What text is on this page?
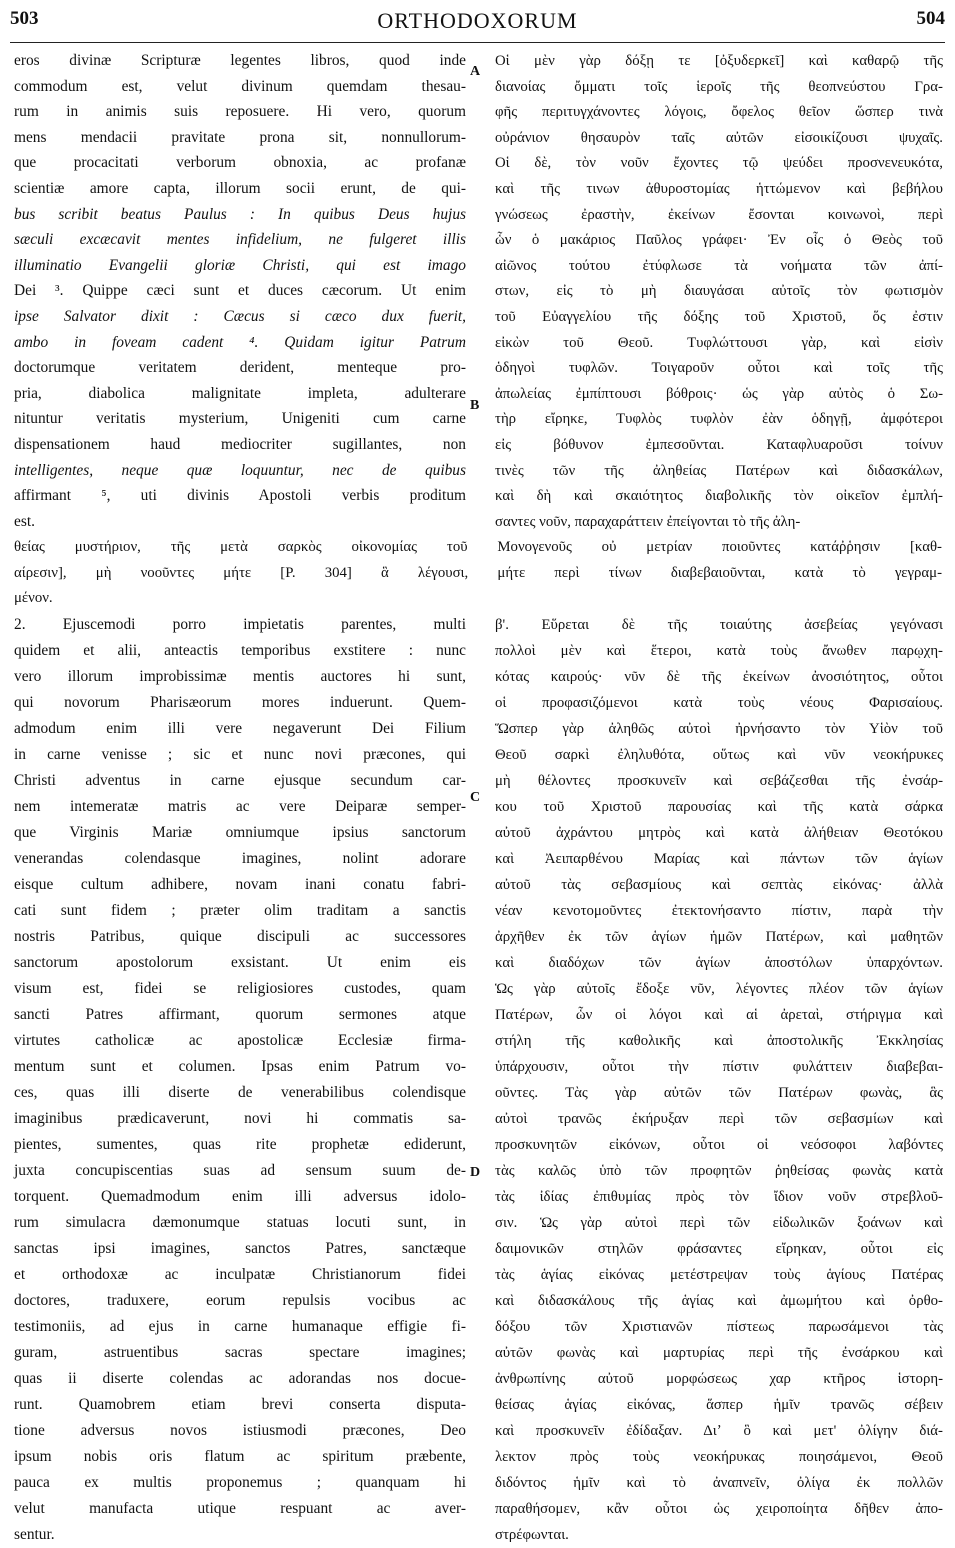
503	ORTHODOXORUM	504
eros divinæ Scripturæ legentes libros, quod inde
commodum est, velut divinum quemdam thesau-
rum in animis suis reposuere. Hi vero, quorum
mens mendacii pravitate prona sit, nonnullorum-
que procacitati verborum obnoxia, ac profanæ
scientiæ amore capta, illorum socii erunt, de qui-
bus scribit beatus Paulus : In quibus Deus hujus
sæculi excæcavit mentes infidelium, ne fulgeret illis
illuminatio Evangelii gloriæ Christi, qui est imago
Dei ³. Quippe cæci sunt et duces cæcorum. Ut enim
ipse Salvator dixit : Cæcus si cæco dux fuerit,
ambo in foveam cadent ⁴. Quidam igitur Patrum
doctorumque veritatem derident, menteque pro-
pria, diabolica malignitate impleta, adulterare
nituntur veritatis mysterium, Unigeniti cum carne
dispensationem haud mediocriter sugillantes, non
intelligentes, neque quæ loquuntur, nec de quibus
affirmant ⁵, uti divinis Apostoli verbis proditum
est.
Οἱ μὲν γὰρ δόξῃ τε [ὀξυδερκεῖ] καὶ καθαρῷ τῆς
διανοίας ὄμματι τοῖς ἱεροῖς τῆς θεοπνεύστου Γρα-
φῆς περιτυγχάνοντες λόγοις, ὄφελος θεῖον ὥσπερ τινὰ
οὐράνιον θησαυρὸν ταῖς αὐτῶν εἰσοικίζουσι ψυχαῖς.
Οἱ δὲ, τὸν νοῦν ἔχοντες τῷ ψεύδει προσνενευκότα,
καὶ τῆς τινων ἀθυροστομίας ἡττώμενον καὶ βεβήλου
γνώσεως ἐραστὴν, ἐκείνων ἔσονται κοινωνοὶ, περὶ
ὧν ὁ μακάριος Παῦλος γράφει· Ἐν οἷς ὁ Θεὸς τοῦ
αἰῶνος τούτου ἐτύφλωσε τὰ νοήματα τῶν ἀπί-
στων, εἰς τὸ μὴ διαυγάσαι αὐτοῖς τὸν φωτισμὸν
τοῦ Εὐαγγελίου τῆς δόξης τοῦ Χριστοῦ, ὅς ἐστιν
εἰκὼν τοῦ Θεοῦ. Τυφλώττουσι γὰρ, καὶ εἰσὶν
ὁδηγοὶ τυφλῶν. Τοιγαροῦν οὗτοι καὶ τοῖς τῆς
ἀπωλείας ἐμπίπτουσι βόθροις· ὡς γὰρ αὐτὸς ὁ Σω-
τὴρ εἴρηκε, Τυφλὸς τυφλὸν ἐὰν ὁδηγῇ, ἀμφότεροι
εἰς βόθυνον ἐμπεσοῦνται. Καταφλυαροῦσι τοίνυν
τινὲς τῶν τῆς ἀληθείας Πατέρων καὶ διδασκάλων,
καὶ δὴ καὶ σκαιότητος διαβολικῆς τὸν οἰκεῖον ἐμπλή-
σαντες νοῦν, παραχαράττειν ἐπείγονται τὸ τῆς ἀλη-
θείας μυστήριον, τῆς μετὰ σαρκὸς οἰκονομίας τοῦ Μονογενοῦς οὐ μετρίαν ποιοῦντες κατάῤῥησιν [καθ-
αίρεσιν], μὴ νοοῦντες μήτε [P. 304] ἃ λέγουσι, μήτε περὶ τίνων διαβεβαιοῦνται, κατὰ τὸ γεγραμ-
μένον.
2. Ejuscemodi porro impietatis parentes, multi
quidem et alii, anteactis temporibus exstitere : nunc
vero illorum improbissimæ mentis auctores hi sunt,
qui novorum Pharisæorum mores induerunt. Quem-
admodum enim illi vere negaverunt Dei Filium
in carne venisse ; sic et nunc novi præcones, qui
Christi adventus in carne ejusque secundum car-
nem intemeratæ matris ac vere Deiparæ semper-
que Virginis Mariæ omniumque ipsius sanctorum
venerandas colendasque imagines, nolint adorare
eisque cultum adhibere, novam inani conatu fabri-
cati sunt fidem ; præter olim traditam a sanctis
nostris Patribus, quique discipuli ac successores
sanctorum apostolorum exsistant. Ut enim eis
visum est, fidei se religiosiores custodes, quam
sancti Patres affirmant, quorum sermones atque
virtutes catholicæ ac apostolicæ Ecclesiæ firma-
mentum sunt et columen. Ipsas enim Patrum vo-
ces, quas illi diserte de venerabilibus colendisque
imaginibus prædicaverunt, novi hi commatis sa-
pientes, sumentes, quas rite prophetæ ediderunt,
juxta concupiscentias suas ad sensum suum de-
torquent. Quemadmodum enim illi adversus idolo-
rum simulacra dæmonumque statuas locuti sunt, in
sanctas ipsi imagines, sanctos Patres, sanctæque
et orthodoxæ ac inculpatæ Christianorum fidei
doctores, traduxere, eorum repulsis vocibus ac
testimoniis, ad ejus in carne humanaque effigie fi-
guram, astruentibus sacras spectare imagines;
quas ii diserte colendas ac adorandas nos docue-
runt. Quamobrem etiam brevi conserta disputa-
tione adversus novos istiusmodi præcones, Deo
ipsum nobis oris flatum ac spiritum præbente,
pauca ex multis proponemus ; quanquam hi
velut manufacta utique respuant ac aver-
sentur.
β'. Εὕρεται δὲ τῆς τοιαύτης ἀσεβείας γεγόνασι
πολλοὶ μὲν καὶ ἕτεροι, κατὰ τοὺς ἄνωθεν παρῳχη-
κότας καιρούς· νῦν δὲ τῆς ἐκείνων ἀνοσιότητος, οὗτοι
οἱ προφασιζόμενοι κατὰ τοὺς νέους Φαρισαίους.
Ὥσπερ γὰρ ἀληθῶς αὐτοὶ ἠρνήσαντο τὸν Υἱὸν τοῦ
Θεοῦ σαρκὶ ἐληλυθότα, οὕτως καὶ νῦν νεοκήρυκες
μὴ θέλοντες προσκυνεῖν καὶ σεβάζεσθαι τῆς ἐνσάρ-
κου τοῦ Χριστοῦ παρουσίας καὶ τῆς κατὰ σάρκα
αὐτοῦ ἀχράντου μητρὸς καὶ κατὰ ἀλήθειαν Θεοτόκου
καὶ Ἀειπαρθένου Μαρίας καὶ πάντων τῶν ἁγίων
αὐτοῦ τὰς σεβασμίους καὶ σεπτὰς εἰκόνας· ἀλλὰ
νέαν κενοτομοῦντες ἐτεκτονήσαντο πίστιν, παρὰ τὴν
ἀρχῆθεν ἐκ τῶν ἁγίων ἡμῶν Πατέρων, καὶ μαθητῶν
καὶ διαδόχων τῶν ἁγίων ἀποστόλων ὑπαρχόντων.
Ὡς γὰρ αὐτοῖς ἔδοξε νῦν, λέγοντες πλέον τῶν ἁγίων
Πατέρων, ὧν οἱ λόγοι καὶ αἱ ἀρεταὶ, στήριγμα καὶ
στήλη τῆς καθολικῆς καὶ ἀποστολικῆς Ἐκκλησίας
ὑπάρχουσιν, οὗτοι τὴν πίστιν φυλάττειν διαβεβαι-
οῦντες. Τὰς γὰρ αὐτῶν τῶν Πατέρων φωνὰς, ἃς
αὐτοὶ τρανῶς ἐκήρυξαν περὶ τῶν σεβασμίων καὶ
προσκυνητῶν εἰκόνων, οὗτοι οἱ νεόσοφοι λαβόντες
τὰς καλῶς ὑπὸ τῶν προφητῶν ῥηθείσας φωνὰς κατὰ
τὰς ἰδίας ἐπιθυμίας πρὸς τὸν ἴδιον νοῦν στρεβλοῦ-
σιν. Ὡς γὰρ αὐτοὶ περὶ τῶν εἰδωλικῶν ξοάνων καὶ
δαιμονικῶν στηλῶν φράσαντες εἴρηκαν, οὗτοι εἰς
τὰς ἁγίας εἰκόνας μετέστρεψαν τοὺς ἁγίους Πατέρας
καὶ διδασκάλους τῆς ἁγίας καὶ ἀμωμήτου καὶ ὀρθο-
δόξου τῶν Χριστιανῶν πίστεως παρωσάμενοι τὰς
αὐτῶν φωνὰς καὶ μαρτυρίας περὶ τῆς ἐνσάρκου καὶ
ἀνθρωπίνης αὐτοῦ μορφώσεως χαρ κτῆρος ἱστορη-
θείσας ἁγίας εἰκόνας, ἅσπερ ἡμῖν τρανῶς σέβειν
καὶ προσκυνεῖν ἐδίδαξαν. Διʼ ὃ καὶ μετ' ὀλίγην διά-
λεκτον πρὸς τοὺς νεοκήρυκας ποιησάμενοι, Θεοῦ
διδόντος ἡμῖν καὶ τὸ ἀναπνεῖν, ὀλίγα ἐκ πολλῶν
παραθήσομεν, κἂν οὗτοι ὡς χειροποίητα δῆθεν ἀπο-
στρέφωνται.
A
B
C
D
